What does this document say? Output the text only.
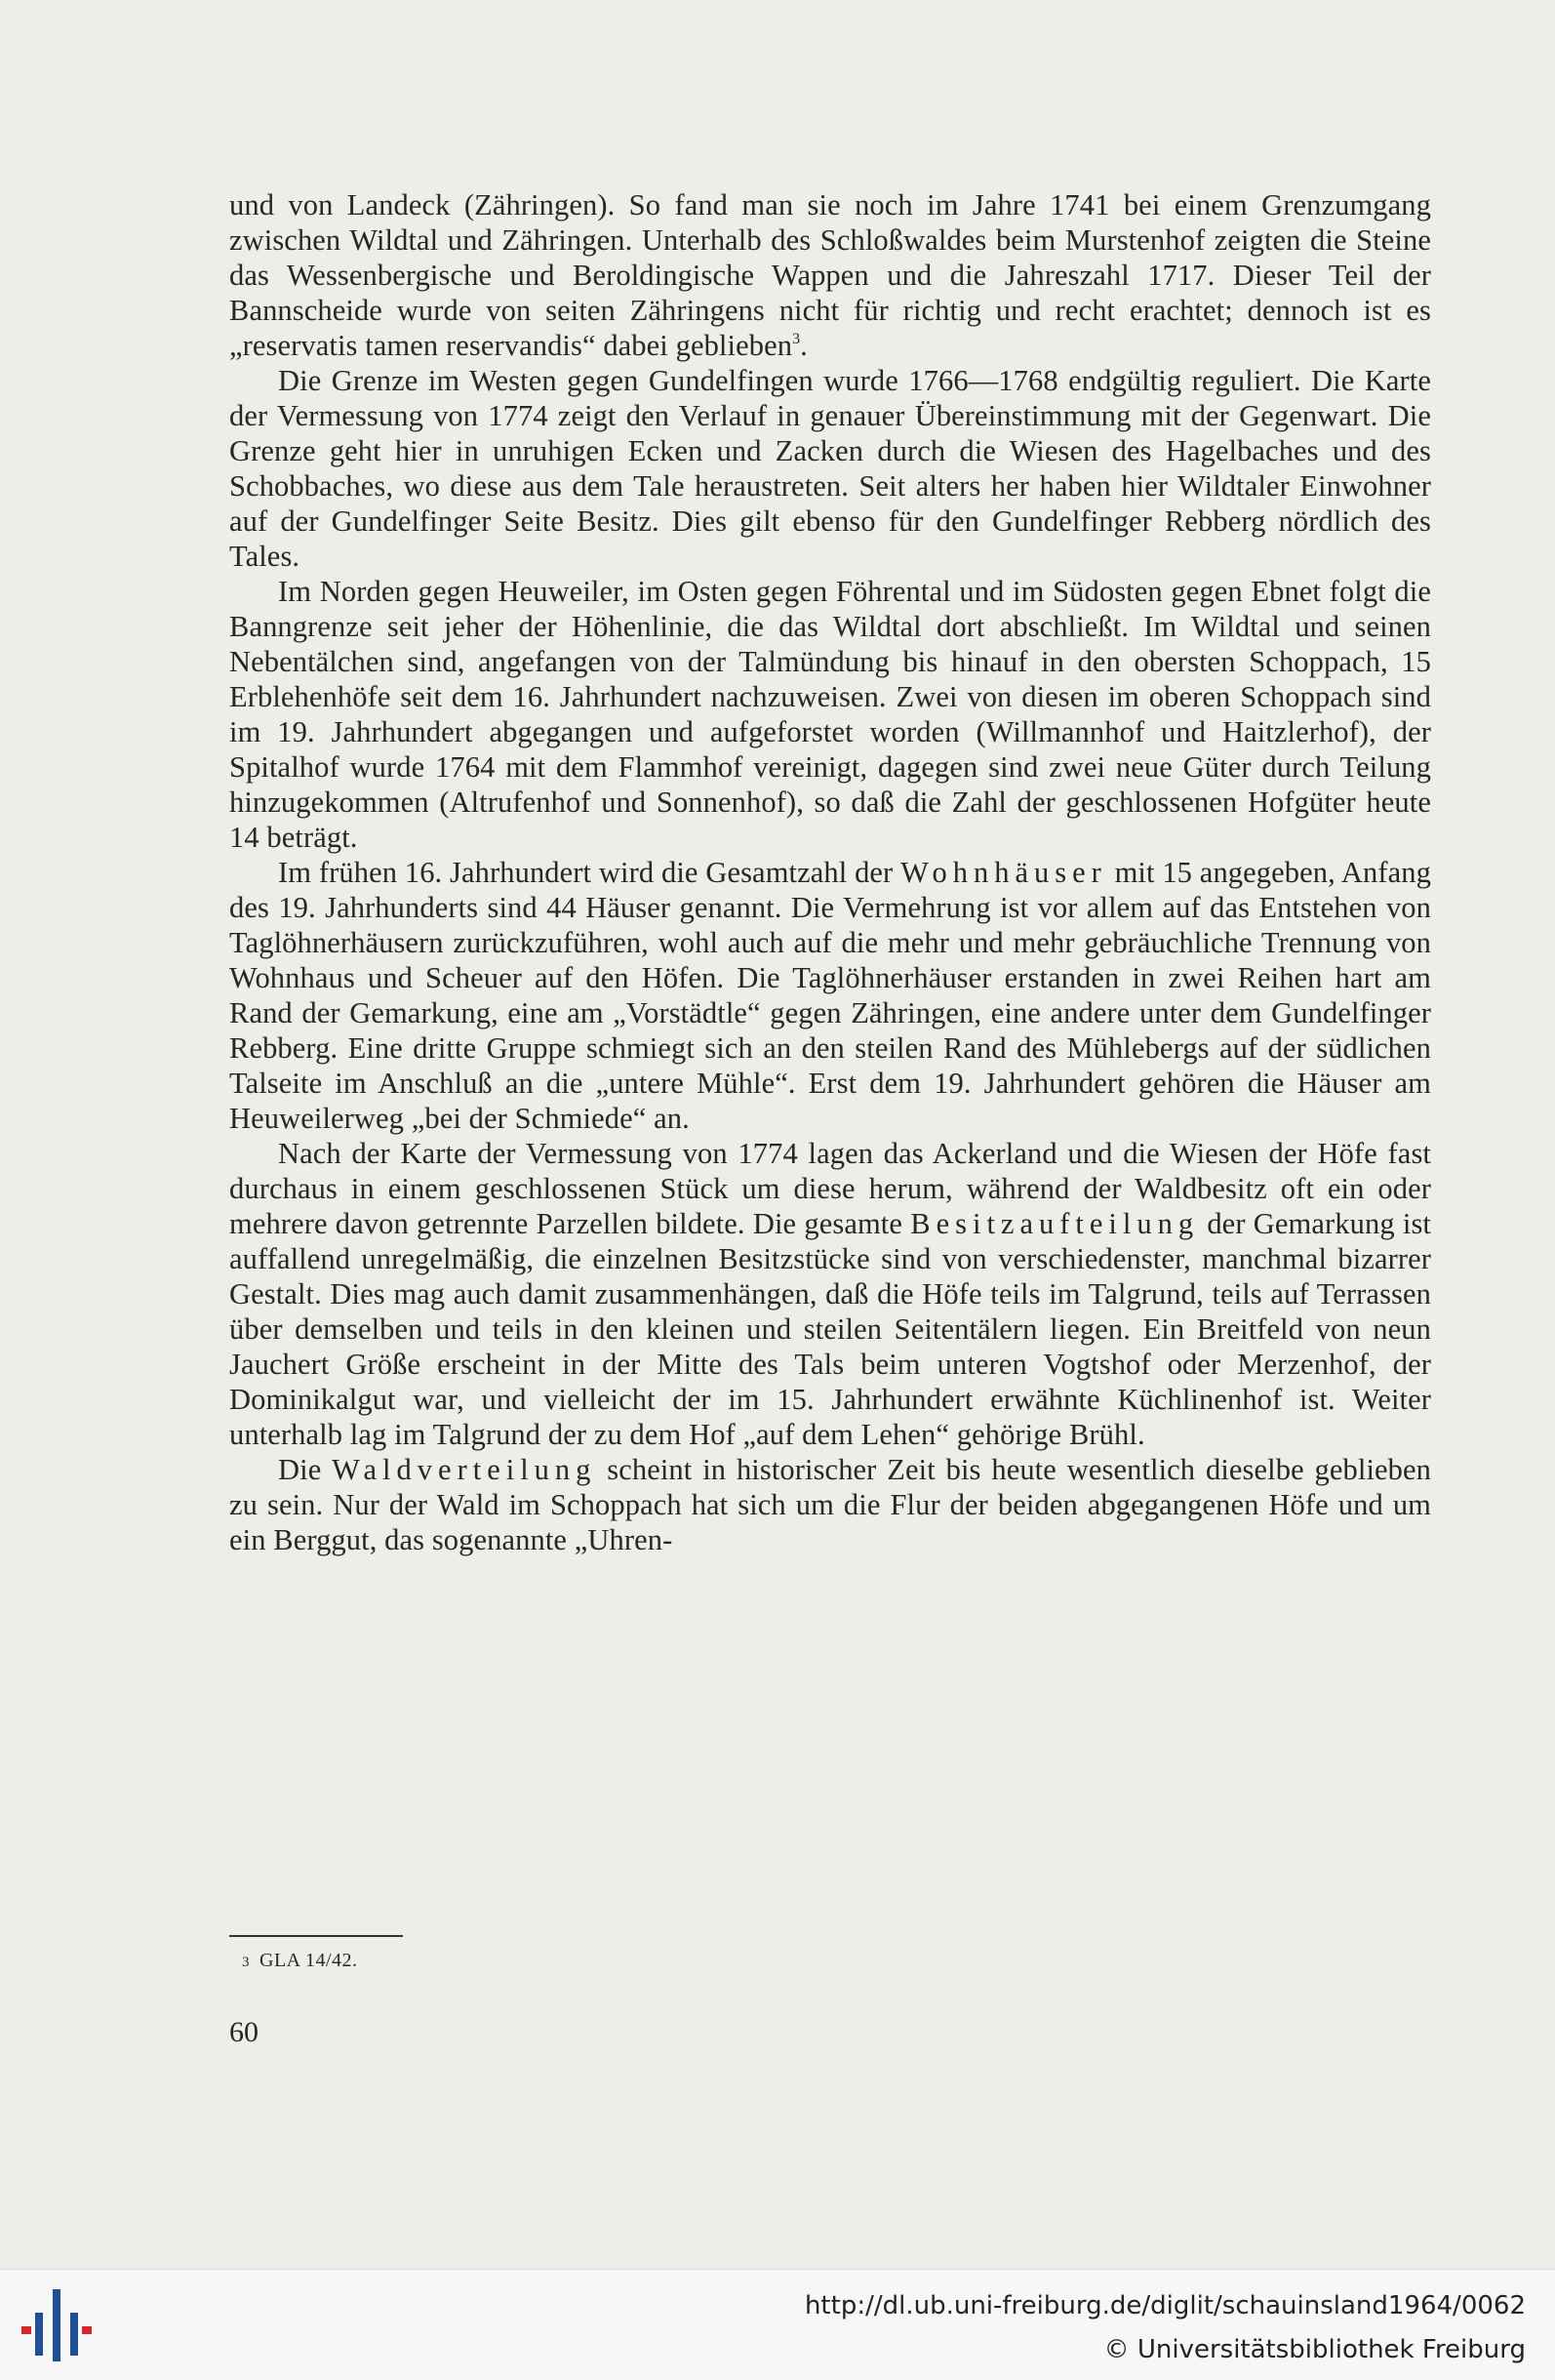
und von Landeck (Zähringen). So fand man sie noch im Jahre 1741 bei einem Grenzumgang zwischen Wildtal und Zähringen. Unterhalb des Schloßwaldes beim Murstenhof zeigten die Steine das Wessenbergische und Beroldingische Wappen und die Jahreszahl 1717. Dieser Teil der Bannscheide wurde von seiten Zähringens nicht für richtig und recht erachtet; dennoch ist es „reservatis tamen reservandis“ dabei geblieben$^3$.

Die Grenze im Westen gegen Gundelfingen wurde 1766—1768 endgültig reguliert. Die Karte der Vermessung von 1774 zeigt den Verlauf in genauer Übereinstimmung mit der Gegenwart. Die Grenze geht hier in unruhigen Ecken und Zacken durch die Wiesen des Hagelbaches und des Schobbaches, wo diese aus dem Tale heraustreten. Seit alters her haben hier Wildtaler Einwohner auf der Gundelfinger Seite Besitz. Dies gilt ebenso für den Gundelfinger Rebberg nördlich des Tales.

Im Norden gegen Heuweiler, im Osten gegen Föhrental und im Südosten gegen Ebnet folgt die Banngrenze seit jeher der Höhenlinie, die das Wildtal dort abschließt. Im Wildtal und seinen Nebentälchen sind, angefangen von der Talmündung bis hinauf in den obersten Schoppach, 15 Erblehenhöfe seit dem 16. Jahrhundert nachzuweisen. Zwei von diesen im oberen Schoppach sind im 19. Jahrhundert abgegangen und aufgeforstet worden (Willmannhof und Haitzlerhof), der Spitalhof wurde 1764 mit dem Flammhof vereinigt, dagegen sind zwei neue Güter durch Teilung hinzugekommen (Altrufenhof und Sonnenhof), so daß die Zahl der geschlossenen Hofgüter heute 14 beträgt.

Im frühen 16. Jahrhundert wird die Gesamtzahl der Wohnhäuser mit 15 angegeben, Anfang des 19. Jahrhunderts sind 44 Häuser genannt. Die Vermehrung ist vor allem auf das Entstehen von Taglöhnerhäusern zurückzuführen, wohl auch auf die mehr und mehr gebräuchliche Trennung von Wohnhaus und Scheuer auf den Höfen. Die Taglöhnerhäuser erstanden in zwei Reihen hart am Rand der Gemarkung, eine am „Vorstädtle“ gegen Zähringen, eine andere unter dem Gundelfinger Rebberg. Eine dritte Gruppe schmiegt sich an den steilen Rand des Mühlebergs auf der südlichen Talseite im Anschluß an die „untere Mühle“. Erst dem 19. Jahrhundert gehören die Häuser am Heuweilerweg „bei der Schmiede“ an.

Nach der Karte der Vermessung von 1774 lagen das Ackerland und die Wiesen der Höfe fast durchaus in einem geschlossenen Stück um diese herum, während der Waldbesitz oft ein oder mehrere davon getrennte Parzellen bildete. Die gesamte Besitzaufteilung der Gemarkung ist auffallend unregelmäßig, die einzelnen Besitzstücke sind von verschiedenster, manchmal bizarrer Gestalt. Dies mag auch damit zusammenhängen, daß die Höfe teils im Talgrund, teils auf Terrassen über demselben und teils in den kleinen und steilen Seitentälern liegen. Ein Breitfeld von neun Jauchert Größe erscheint in der Mitte des Tals beim unteren Vogtshof oder Merzenhof, der Dominikalgut war, und vielleicht der im 15. Jahrhundert erwähnte Küchlinenhof ist. Weiter unterhalb lag im Talgrund der zu dem Hof „auf dem Lehen“ gehörige Brühl.

Die Waldverteilung scheint in historischer Zeit bis heute wesentlich dieselbe geblieben zu sein. Nur der Wald im Schoppach hat sich um die Flur der beiden abgegangenen Höfe und um ein Berggut, das sogenannte „Uhren-

3 GLA 14/42.
60
http://dl.ub.uni-freiburg.de/diglit/schauinsland1964/0062
© Universitätsbibliothek Freiburg
